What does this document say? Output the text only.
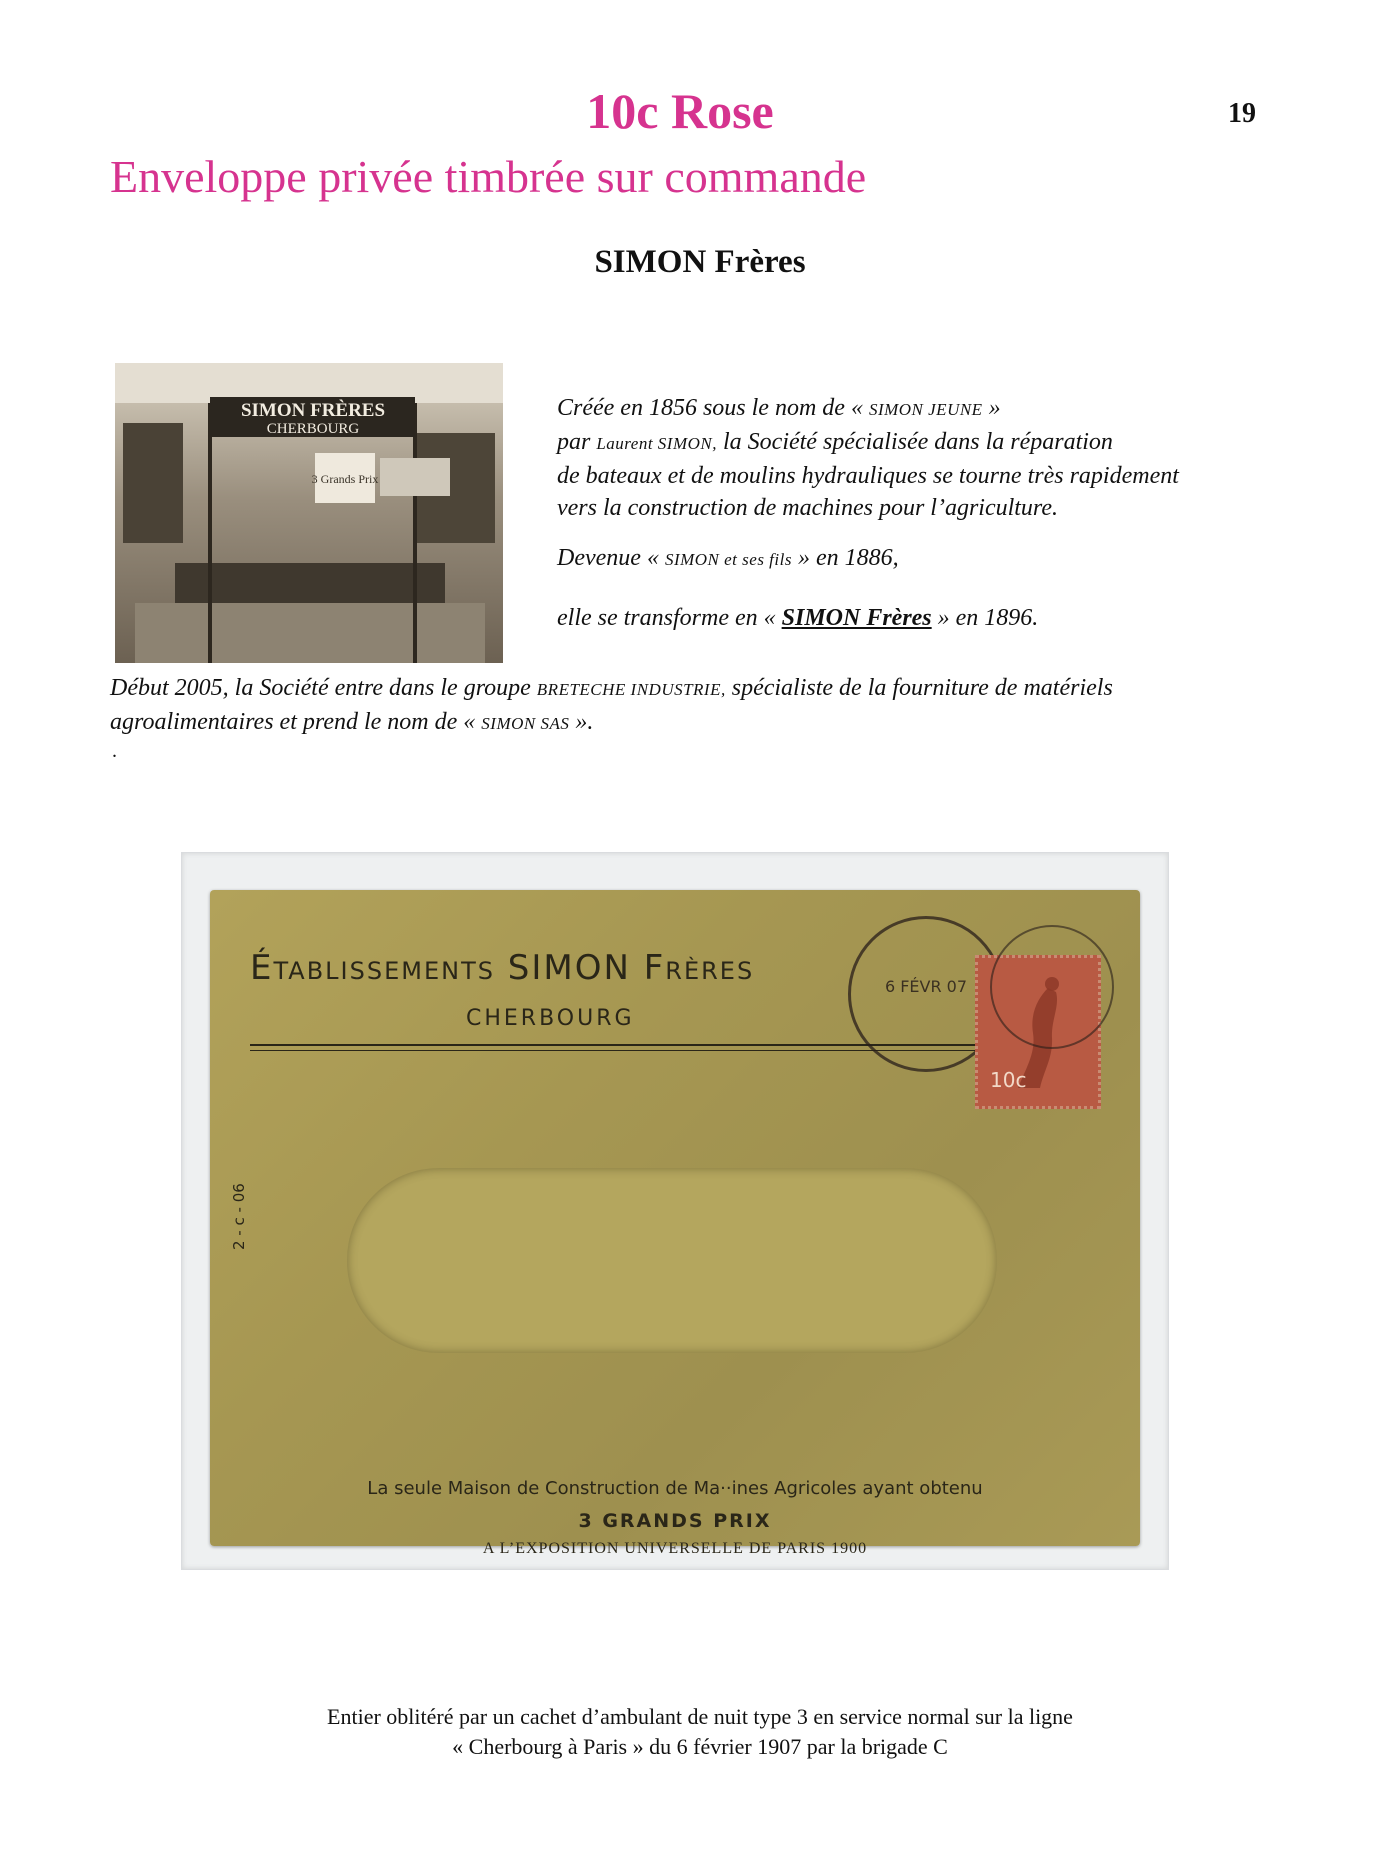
10c Rose	19
Enveloppe privée timbrée sur commande
SIMON Frères
SIMON FRÈRES
CHERBOURG
3 Grands Prix
Créée en 1856 sous le nom de « SIMON JEUNE »
par Laurent SIMON, la Société spécialisée dans la réparation
de bateaux et de moulins hydrauliques se tourne très rapidement
vers la construction de machines pour l’agriculture.
Devenue « SIMON et ses fils » en 1886,
elle se transforme en « SIMON Frères » en 1896.
Début 2005, la Société entre dans le groupe BRETECHE INDUSTRIE, spécialiste de la fourniture de matériels agroalimentaires et prend le nom de « SIMON SAS ».
.
ÉTABLISSEMENTS SIMON FRÈRES
CHERBOURG
6 FÉVR 07
10c
2 - c - 06
La seule Maison de Construction de Ma··ines Agricoles ayant obtenu
3 GRANDS PRIX
A L’EXPOSITION UNIVERSELLE DE PARIS 1900
Entier oblitéré par un cachet d’ambulant de nuit type 3 en service normal sur la ligne
« Cherbourg à Paris » du 6 février 1907 par la brigade C
